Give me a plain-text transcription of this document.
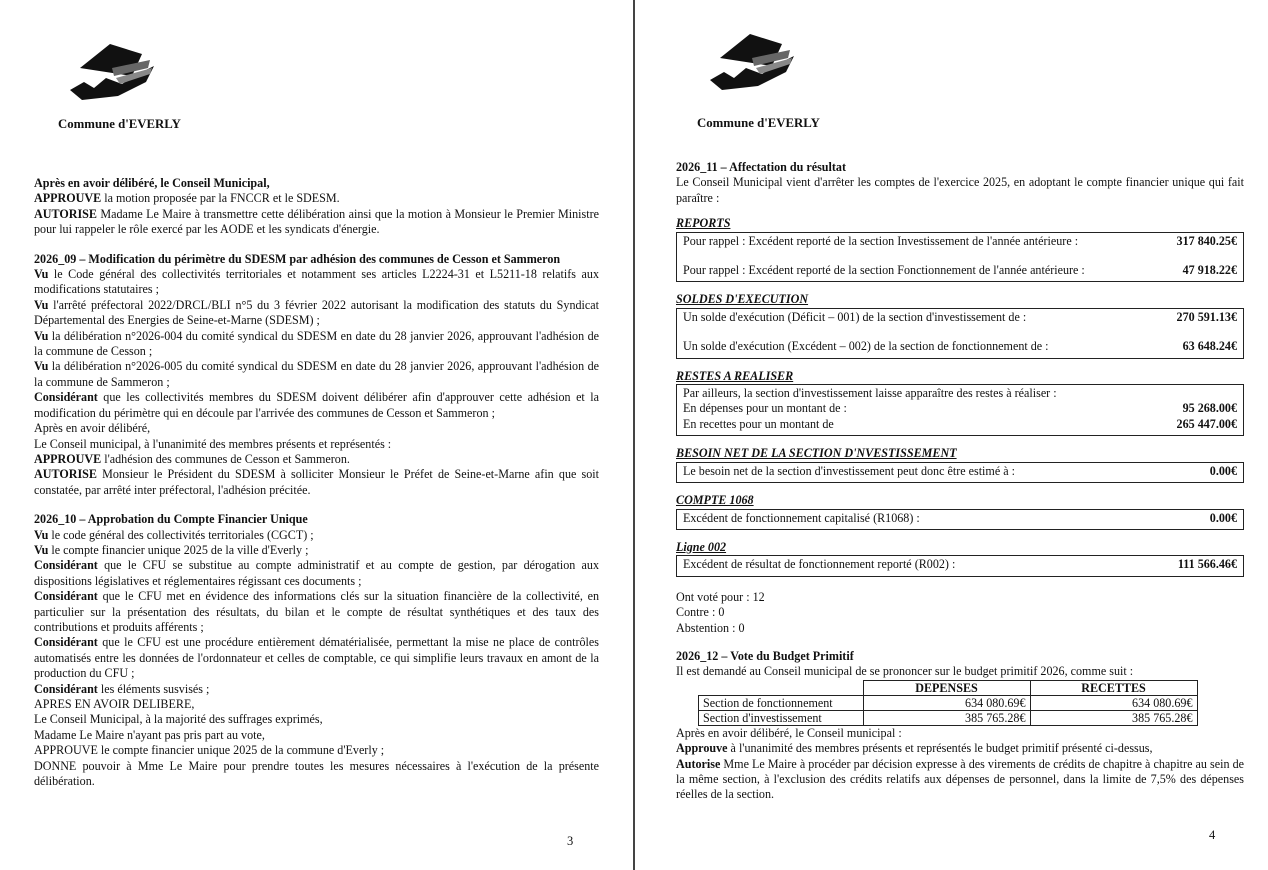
Commune d'EVERLY

Après en avoir délibéré, le Conseil Municipal,

APPROUVE la motion proposée par la FNCCR et le SDESM.

AUTORISE Madame Le Maire à transmettre cette délibération ainsi que la motion à Monsieur le Premier Ministre pour lui rappeler le rôle exercé par les AODE et les syndicats d'énergie.

2026_09 – Modification du périmètre du SDESM par adhésion des communes de Cesson et Sammeron

Vu le Code général des collectivités territoriales et notamment ses articles L2224-31 et L5211-18 relatifs aux modifications statutaires ;

Vu l'arrêté préfectoral 2022/DRCL/BLI n°5 du 3 février 2022 autorisant la modification des statuts du Syndicat Départemental des Energies de Seine-et-Marne (SDESM) ;

Vu la délibération n°2026-004 du comité syndical du SDESM en date du 28 janvier 2026, approuvant l'adhésion de la commune de Cesson ;

Vu la délibération n°2026-005 du comité syndical du SDESM en date du 28 janvier 2026, approuvant l'adhésion de la commune de Sammeron ;

Considérant que les collectivités membres du SDESM doivent délibérer afin d'approuver cette adhésion et la modification du périmètre qui en découle par l'arrivée des communes de Cesson et Sammeron ;

Après en avoir délibéré,

Le Conseil municipal, à l'unanimité des membres présents et représentés :

APPROUVE l'adhésion des communes de Cesson et Sammeron.

AUTORISE Monsieur le Président du SDESM à solliciter Monsieur le Préfet de Seine-et-Marne afin que soit constatée, par arrêté inter préfectoral, l'adhésion précitée.

2026_10 – Approbation du Compte Financier Unique

Vu le code général des collectivités territoriales (CGCT) ;

Vu le compte financier unique 2025 de la ville d'Everly ;

Considérant que le CFU se substitue au compte administratif et au compte de gestion, par dérogation aux dispositions législatives et réglementaires régissant ces documents ;

Considérant que le CFU met en évidence des informations clés sur la situation financière de la collectivité, en particulier sur la présentation des résultats, du bilan et le compte de résultat synthétiques et des taux des contributions et produits afférents ;

Considérant que le CFU est une procédure entièrement dématérialisée, permettant la mise ne place de contrôles automatisés entre les données de l'ordonnateur et celles de comptable, ce qui simplifie leurs travaux en amont de la production du CFU ;

Considérant les éléments susvisés ;

APRES EN AVOIR DELIBERE,

Le Conseil Municipal, à la majorité des suffrages exprimés,

Madame Le Maire n'ayant pas pris part au vote,

APPROUVE le compte financier unique 2025 de la commune d'Everly ;

DONNE pouvoir à Mme Le Maire pour prendre toutes les mesures nécessaires à l'exécution de la présente délibération.

3
Commune d'EVERLY

2026_11 – Affectation du résultat

Le Conseil Municipal vient d'arrêter les comptes de l'exercice 2025, en adoptant le compte financier unique qui fait paraître :

REPORTS
Pour rappel : Excédent reporté de la section Investissement de l'année antérieure :	317 840.25€
Pour rappel : Excédent reporté de la section Fonctionnement de l'année antérieure :	47 918.22€
SOLDES D'EXECUTION
Un solde d'exécution (Déficit – 001) de la section d'investissement de :	270 591.13€
Un solde d'exécution (Excédent – 002) de la section de fonctionnement de :	63 648.24€
RESTES A REALISER
Par ailleurs, la section d'investissement laisse apparaître des restes à réaliser :
En dépenses pour un montant de :	95 268.00€
En recettes pour un montant de	265 447.00€
BESOIN NET DE LA SECTION D'NVESTISSEMENT
Le besoin net de la section d'investissement peut donc être estimé à :	0.00€
COMPTE 1068
Excédent de fonctionnement capitalisé (R1068) :	0.00€
Ligne 002
Excédent de résultat de fonctionnement reporté (R002) :	111 566.46€

Ont voté pour : 12

Contre : 0

Abstention : 0

2026_12 – Vote du Budget Primitif

Il est demandé au Conseil municipal de se prononcer sur le budget primitif 2026, comme suit :

	DEPENSES	RECETTES
Section de fonctionnement	634 080.69€	634 080.69€
Section d'investissement	385 765.28€	385 765.28€

Après en avoir délibéré, le Conseil municipal :

Approuve à l'unanimité des membres présents et représentés le budget primitif présenté ci-dessus,

Autorise Mme Le Maire à procéder par décision expresse à des virements de crédits de chapitre à chapitre au sein de la même section, à l'exclusion des crédits relatifs aux dépenses de personnel, dans la limite de 7,5% des dépenses réelles de la section.

4
